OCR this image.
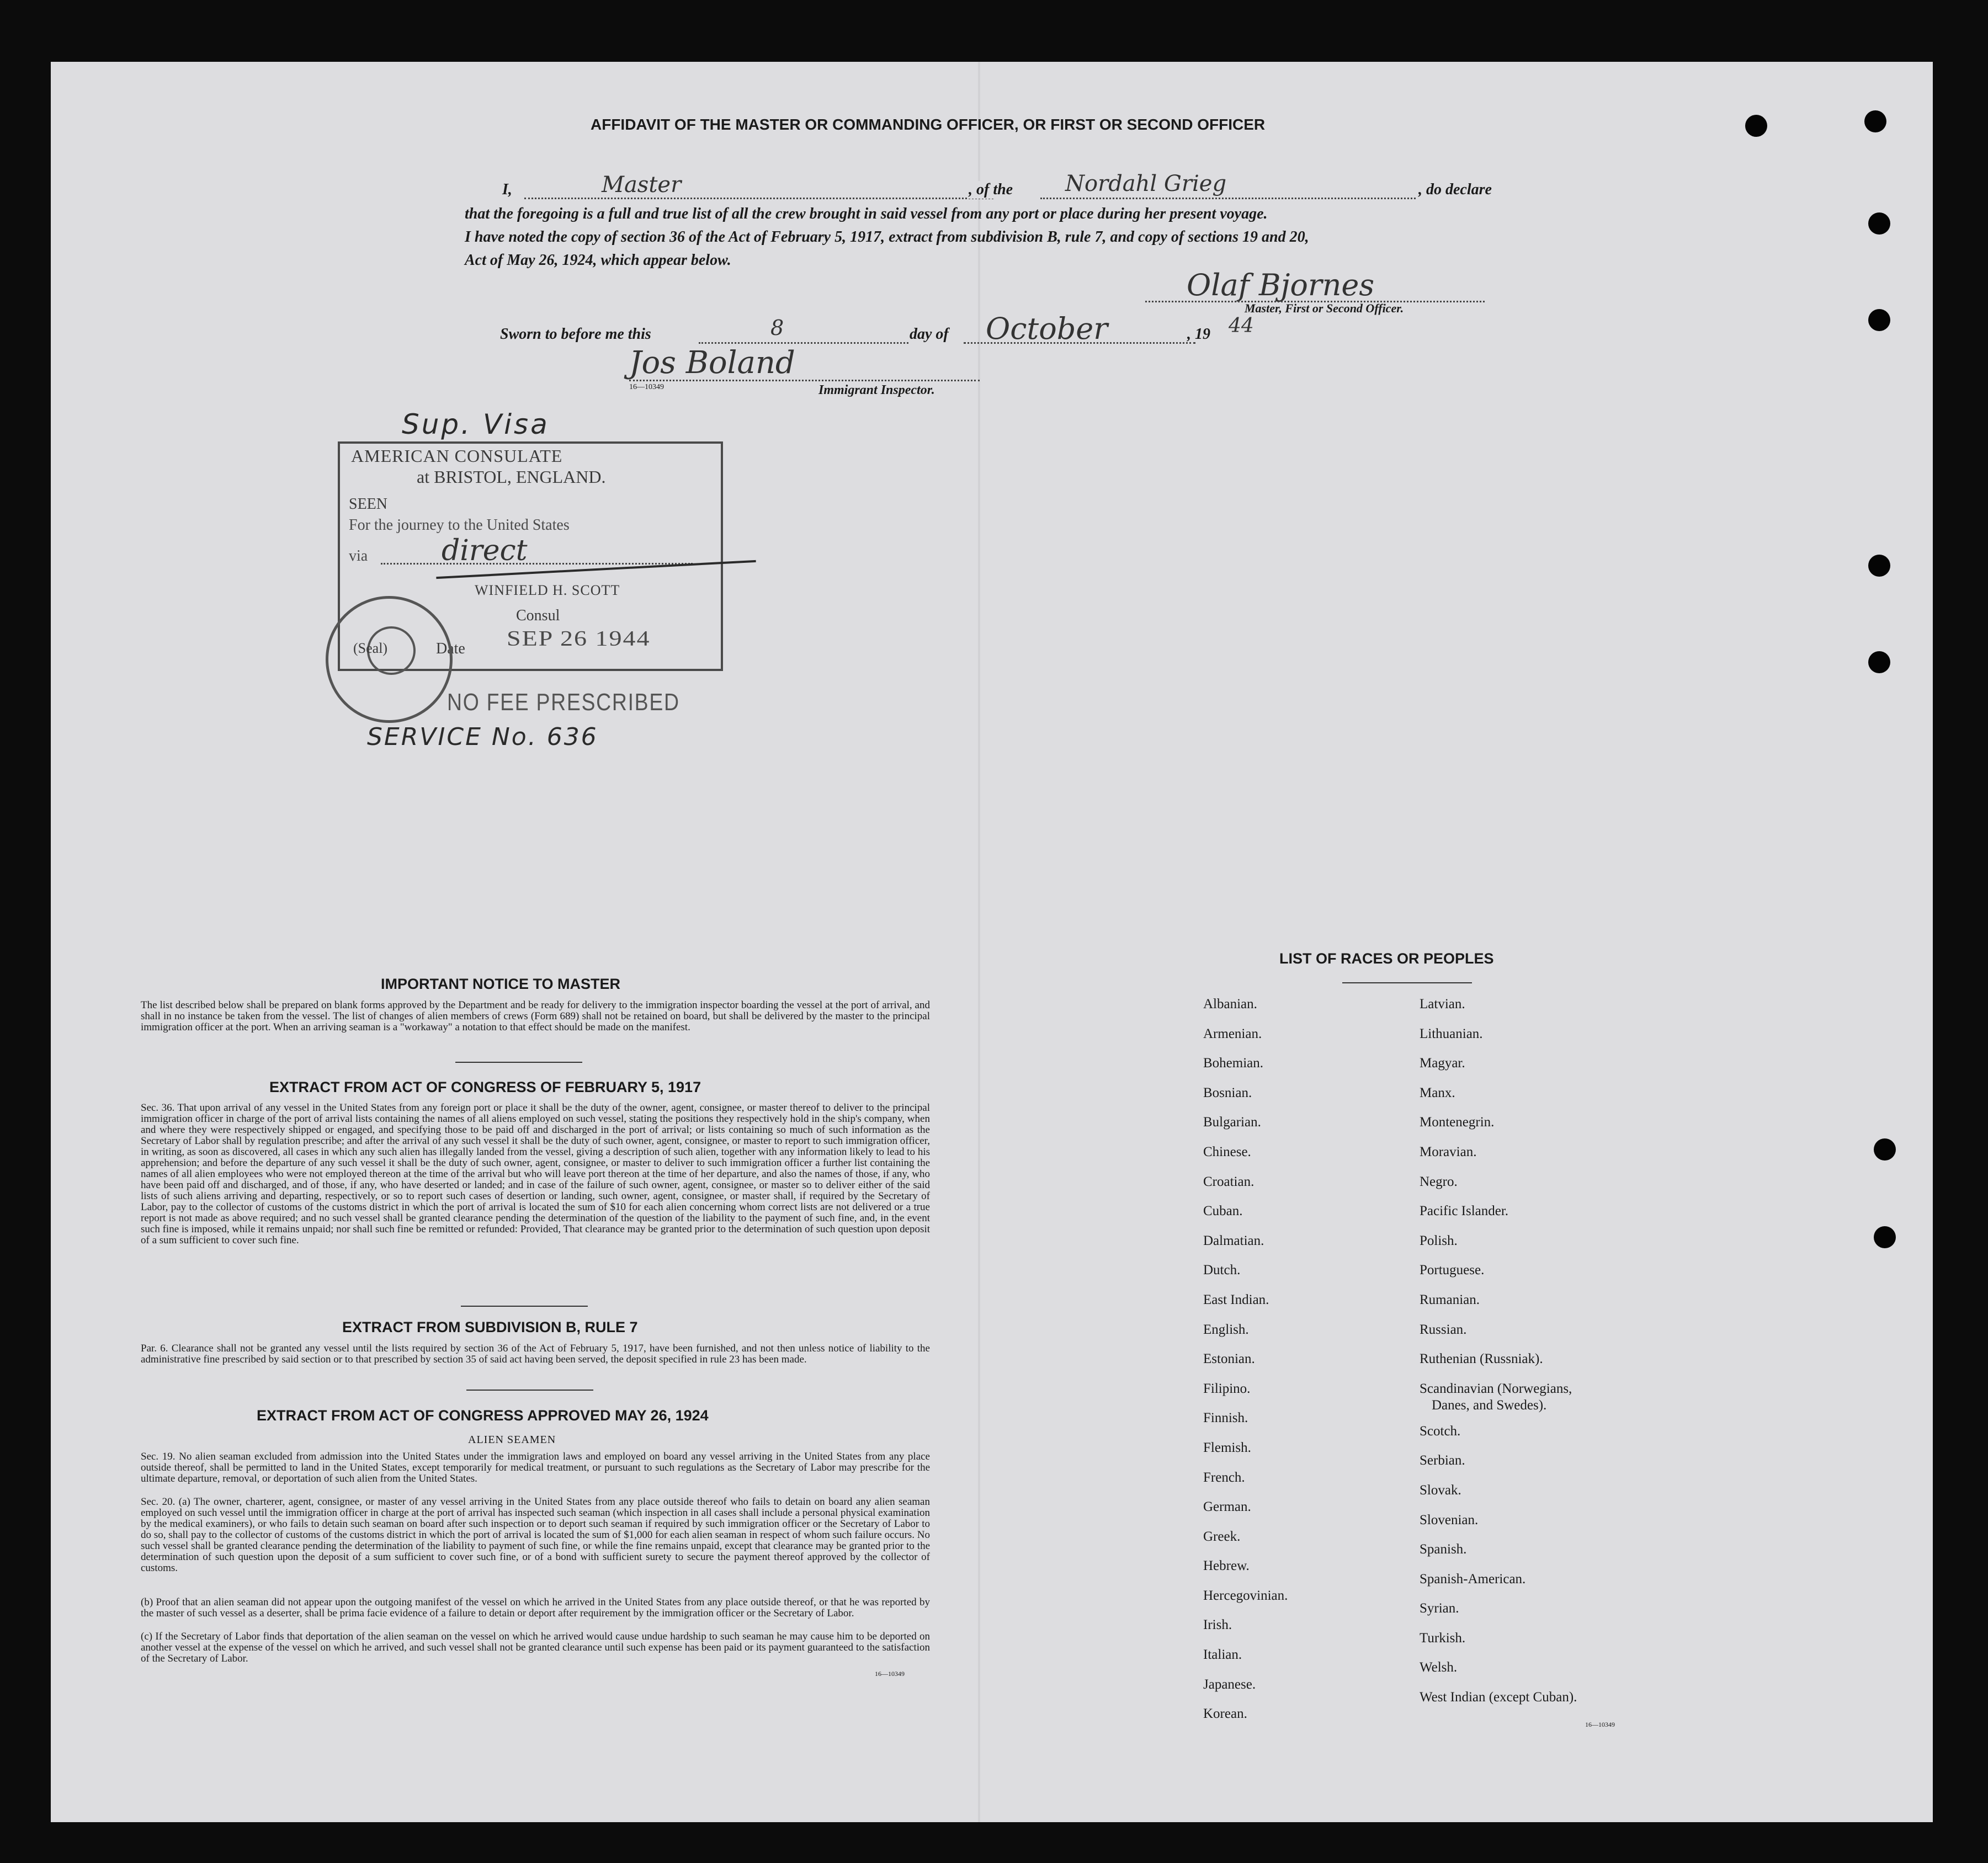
AFFIDAVIT OF THE MASTER OR COMMANDING OFFICER, OR FIRST OR SECOND OFFICER
I,	Master	, of the Nordahl Grieg	, do declare
that the foregoing is a full and true list of all the crew brought in said vessel from any port or place during her present voyage.
I have noted the copy of section 36 of the Act of February 5, 1917, extract from subdivision B, rule 7, and copy of sections 19 and 20,
Act of May 26, 1924, which appear below.
Olaf Bjornes
Master, First or Second Officer.
Sworn to before me this	8	day of October	, 19 44
Jos Boland
16—10349	Immigrant Inspector.
Sup. Visa
AMERICAN CONSULATE
at BRISTOL, ENGLAND.
SEEN
For the journey to the United States
via	direct
WINFIELD H. SCOTT
Consul
SEP 26 1944
Date
(Seal)
NO FEE PRESCRIBED
SERVICE No. 636
IMPORTANT NOTICE TO MASTER
The list described below shall be prepared on blank forms approved by the Department and be ready for delivery to the immigration inspector boarding the vessel at the port of arrival, and shall in no instance be taken from the vessel. The list of changes of alien members of crews (Form 689) shall not be retained on board, but shall be delivered by the master to the principal immigration officer at the port. When an arriving seaman is a "workaway" a notation to that effect should be made on the manifest.
EXTRACT FROM ACT OF CONGRESS OF FEBRUARY 5, 1917
Sec. 36. That upon arrival of any vessel in the United States from any foreign port or place it shall be the duty of the owner, agent, consignee, or master thereof to deliver to the principal immigration officer in charge of the port of arrival lists containing the names of all aliens employed on such vessel, stating the positions they respectively hold in the ship's company, when and where they were respectively shipped or engaged, and specifying those to be paid off and discharged in the port of arrival; or lists containing so much of such information as the Secretary of Labor shall by regulation prescribe; and after the arrival of any such vessel it shall be the duty of such owner, agent, consignee, or master to report to such immigration officer, in writing, as soon as discovered, all cases in which any such alien has illegally landed from the vessel, giving a description of such alien, together with any information likely to lead to his apprehension; and before the departure of any such vessel it shall be the duty of such owner, agent, consignee, or master to deliver to such immigration officer a further list containing the names of all alien employees who were not employed thereon at the time of the arrival but who will leave port thereon at the time of her departure, and also the names of those, if any, who have been paid off and discharged, and of those, if any, who have deserted or landed; and in case of the failure of such owner, agent, consignee, or master so to deliver either of the said lists of such aliens arriving and departing, respectively, or so to report such cases of desertion or landing, such owner, agent, consignee, or master shall, if required by the Secretary of Labor, pay to the collector of customs of the customs district in which the port of arrival is located the sum of $10 for each alien concerning whom correct lists are not delivered or a true report is not made as above required; and no such vessel shall be granted clearance pending the determination of the question of the liability to the payment of such fine, and, in the event such fine is imposed, while it remains unpaid; nor shall such fine be remitted or refunded: Provided, That clearance may be granted prior to the determination of such question upon deposit of a sum sufficient to cover such fine.
EXTRACT FROM SUBDIVISION B, RULE 7
Par. 6. Clearance shall not be granted any vessel until the lists required by section 36 of the Act of February 5, 1917, have been furnished, and not then unless notice of liability to the administrative fine prescribed by said section or to that prescribed by section 35 of said act having been served, the deposit specified in rule 23 has been made.
EXTRACT FROM ACT OF CONGRESS APPROVED MAY 26, 1924
ALIEN SEAMEN
Sec. 19. No alien seaman excluded from admission into the United States under the immigration laws and employed on board any vessel arriving in the United States from any place outside thereof, shall be permitted to land in the United States, except temporarily for medical treatment, or pursuant to such regulations as the Secretary of Labor may prescribe for the ultimate departure, removal, or deportation of such alien from the United States.
Sec. 20. (a) The owner, charterer, agent, consignee, or master of any vessel arriving in the United States from any place outside thereof who fails to detain on board any alien seaman employed on such vessel until the immigration officer in charge at the port of arrival has inspected such seaman (which inspection in all cases shall include a personal physical examination by the medical examiners), or who fails to detain such seaman on board after such inspection or to deport such seaman if required by such immigration officer or the Secretary of Labor to do so, shall pay to the collector of customs of the customs district in which the port of arrival is located the sum of $1,000 for each alien seaman in respect of whom such failure occurs. No such vessel shall be granted clearance pending the determination of the liability to payment of such fine, or while the fine remains unpaid, except that clearance may be granted prior to the determination of such question upon the deposit of a sum sufficient to cover such fine, or of a bond with sufficient surety to secure the payment thereof approved by the collector of customs.
(b) Proof that an alien seaman did not appear upon the outgoing manifest of the vessel on which he arrived in the United States from any place outside thereof, or that he was reported by the master of such vessel as a deserter, shall be prima facie evidence of a failure to detain or deport after requirement by the immigration officer or the Secretary of Labor.
(c) If the Secretary of Labor finds that deportation of the alien seaman on the vessel on which he arrived would cause undue hardship to such seaman he may cause him to be deported on another vessel at the expense of the vessel on which he arrived, and such vessel shall not be granted clearance until such expense has been paid or its payment guaranteed to the satisfaction of the Secretary of Labor.
16—10349
LIST OF RACES OR PEOPLES
Albanian.
Armenian.
Bohemian.
Bosnian.
Bulgarian.
Chinese.
Croatian.
Cuban.
Dalmatian.
Dutch.
East Indian.
English.
Estonian.
Filipino.
Finnish.
Flemish.
French.
German.
Greek.
Hebrew.
Hercegovinian.
Irish.
Italian.
Japanese.
Korean.
Latvian.
Lithuanian.
Magyar.
Manx.
Montenegrin.
Moravian.
Negro.
Pacific Islander.
Polish.
Portuguese.
Rumanian.
Russian.
Ruthenian (Russniak).
Scandinavian (Norwegians,
Danes, and Swedes).
Scotch.
Serbian.
Slovak.
Slovenian.
Spanish.
Spanish-American.
Syrian.
Turkish.
Welsh.
West Indian (except Cuban).
16—10349
